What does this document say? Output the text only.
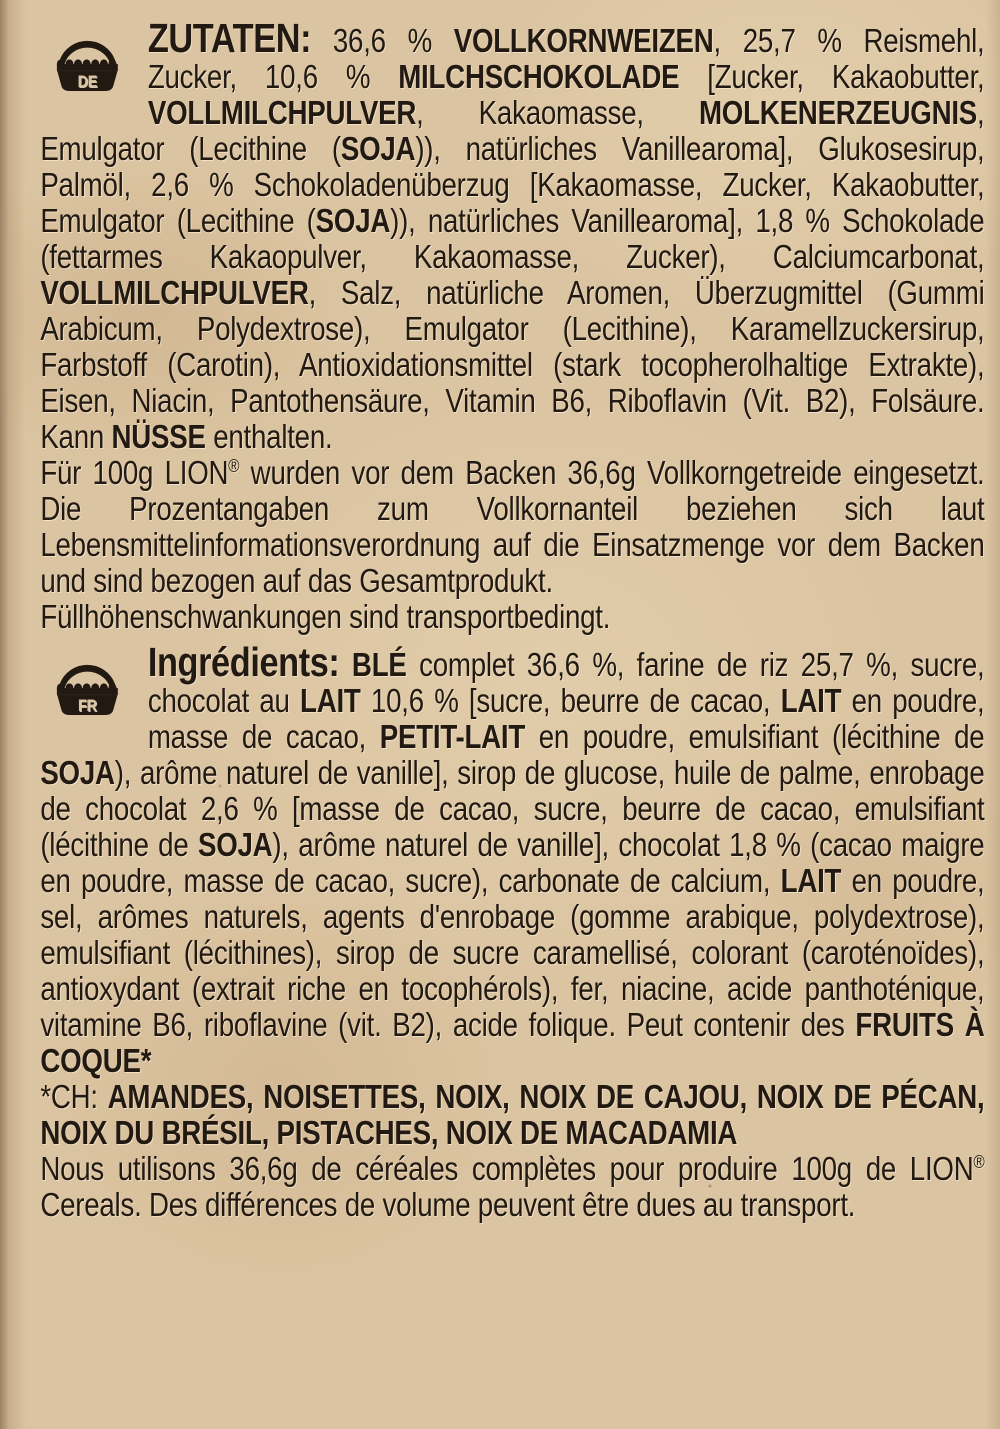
DE
ZUTATEN: 36,6 % VOLLKORNWEIZEN, 25,7 % Reismehl, Zucker, 10,6 % MILCHSCHOKOLADE [Zucker, Kakaobutter, VOLLMILCHPULVER, Kakaomasse, MOLKENERZEUGNIS, Emulgator (Lecithine (SOJA)), natürliches Vanillearoma], Glukosesirup, Palmöl, 2,6 % Schokoladenüberzug [Kakaomasse, Zucker, Kakaobutter, Emulgator (Lecithine (SOJA)), natürliches Vanillearoma], 1,8 % Schokolade (fettarmes Kakaopulver, Kakaomasse, Zucker), Calciumcarbonat, VOLLMILCHPULVER, Salz, natürliche Aromen, Überzugmittel (Gummi Arabicum, Polydextrose), Emulgator (Lecithine), Karamellzuckersirup, Farbstoff (Carotin), Antioxidationsmittel (stark tocopherolhaltige Extrakte), Eisen, Niacin, Pantothensäure, Vitamin B6, Riboflavin (Vit. B2), Folsäure. Kann NÜSSE enthalten.

Für 100g LION® wurden vor dem Backen 36,6g Vollkorngetreide eingesetzt. Die Prozentangaben zum Vollkornanteil beziehen sich laut Lebensmittelinformationsverordnung auf die Einsatzmenge vor dem Backen und sind bezogen auf das Gesamtprodukt.

Füllhöhenschwankungen sind transportbedingt.

FR
Ingrédients: BLÉ complet 36,6 %, farine de riz 25,7 %, sucre, chocolat au LAIT 10,6 % [sucre, beurre de cacao, LAIT en poudre, masse de cacao, PETIT-LAIT en poudre, emulsifiant (lécithine de SOJA), arôme naturel de vanille], sirop de glucose, huile de palme, enrobage de chocolat 2,6 % [masse de cacao, sucre, beurre de cacao, emulsifiant (lécithine de SOJA), arôme naturel de vanille], chocolat 1,8 % (cacao maigre en poudre, masse de cacao, sucre), carbonate de calcium, LAIT en poudre, sel, arômes naturels, agents d'enrobage (gomme arabique, polydextrose), emulsifiant (lécithines), sirop de sucre caramellisé, colorant (caroténoïdes), antioxydant (extrait riche en tocophérols), fer, niacine, acide panthoténique, vitamine B6, riboflavine (vit. B2), acide folique. Peut contenir des FRUITS À COQUE*

*CH: AMANDES, NOISETTES, NOIX, NOIX DE CAJOU, NOIX DE PÉCAN, NOIX DU BRÉSIL, PISTACHES, NOIX DE MACADAMIA

Nous utilisons 36,6g de céréales complètes pour produire 100g de LION® Cereals. Des différences de volume peuvent être dues au transport.
